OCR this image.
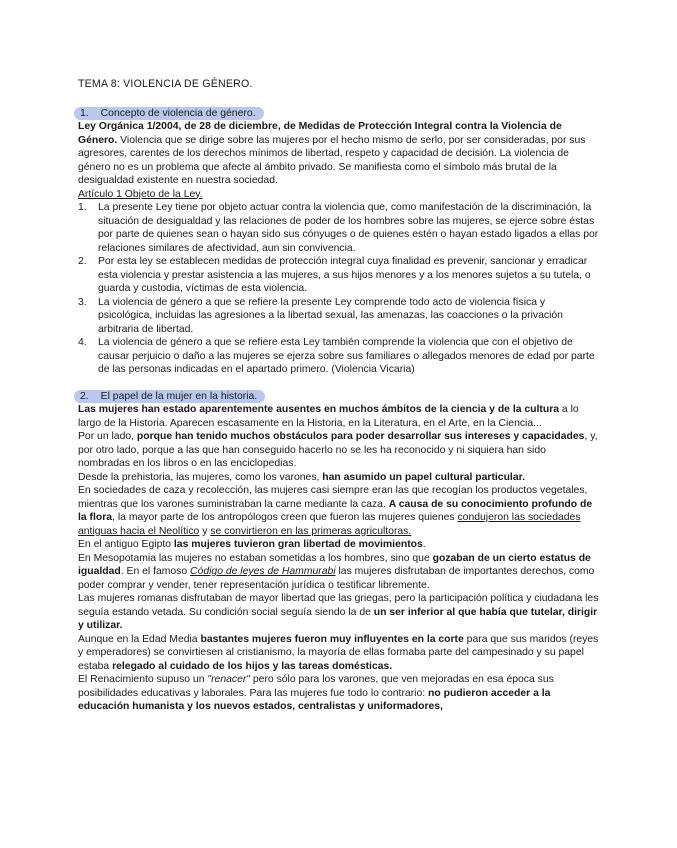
TEMA 8: VIOLENCIA DE GÉNERO.

1. Concepto de violencia de género.

Ley Orgánica 1/2004, de 28 de diciembre, de Medidas de Protección Integral contra la Violencia de Género. Violencia que se dirige sobre las mujeres por el hecho mismo de serlo, por ser consideradas, por sus agresores, carentes de los derechos mínimos de libertad, respeto y capacidad de decisión. La violencia de género no es un problema que afecte al ámbito privado. Se manifiesta como el símbolo más brutal de la desigualdad existente en nuestra sociedad.

Artículo 1 Objeto de la Ley.

1. La presente Ley tiene por objeto actuar contra la violencia que, como manifestación de la discriminación, la situación de desigualdad y las relaciones de poder de los hombres sobre las mujeres, se ejerce sobre éstas por parte de quienes sean o hayan sido sus cónyuges o de quienes estén o hayan estado ligados a ellas por relaciones similares de afectividad, aun sin convivencia.
2. Por esta ley se establecen medidas de protección integral cuya finalidad es prevenir, sancionar y erradicar esta violencia y prestar asistencia a las mujeres, a sus hijos menores y a los menores sujetos a su tutela, o guarda y custodia, víctimas de esta violencia.
3. La violencia de género a que se refiere la presente Ley comprende todo acto de violencia física y psicológica, incluidas las agresiones a la libertad sexual, las amenazas, las coacciones o la privación arbitraria de libertad.
4. La violencia de género a que se refiere esta Ley también comprende la violencia que con el objetivo de causar perjuicio o daño a las mujeres se ejerza sobre sus familiares o allegados menores de edad por parte de las personas indicadas en el apartado primero. (Violencia Vicaria)
2. El papel de la mujer en la historia.

Las mujeres han estado aparentemente ausentes en muchos ámbitos de la ciencia y de la cultura a lo largo de la Historia. Aparecen escasamente en la Historia, en la Literatura, en el Arte, en la Ciencia...

Por un lado, porque han tenido muchos obstáculos para poder desarrollar sus intereses y capacidades, y, por otro lado, porque a las que han conseguido hacerlo no se les ha reconocido y ni siquiera han sido nombradas en los libros o en las enciclopedias.

Desde la prehistoria, las mujeres, como los varones, han asumido un papel cultural particular.

En sociedades de caza y recolección, las mujeres casi siempre eran las que recogían los productos vegetales, mientras que los varones suministraban la carne mediante la caza. A causa de su conocimiento profundo de la flora, la mayor parte de los antropólogos creen que fueron las mujeres quienes condujeron las sociedades antiguas hacia el Neolítico y se convirtieron en las primeras agricultoras.

En el antiguo Egipto las mujeres tuvieron gran libertad de movimientos.

En Mesopotamia las mujeres no estaban sometidas a los hombres, sino que gozaban de un cierto estatus de igualdad. En el famoso Código de leyes de Hammurabi las mujeres disfrutaban de importantes derechos, como poder comprar y vender, tener representación jurídica o testificar libremente.

Las mujeres romanas disfrutaban de mayor libertad que las griegas, pero la participación política y ciudadana les seguía estando vetada. Su condición social seguía siendo la de un ser inferior al que había que tutelar, dirigir y utilizar.

Aunque en la Edad Media bastantes mujeres fueron muy influyentes en la corte para que sus maridos (reyes y emperadores) se convirtiesen al cristianismo, la mayoría de ellas formaba parte del campesinado y su papel estaba relegado al cuidado de los hijos y las tareas domésticas.

El Renacimiento supuso un "renacer" pero sólo para los varones, que ven mejoradas en esa época sus posibilidades educativas y laborales. Para las mujeres fue todo lo contrario: no pudieron acceder a la educación humanista y los nuevos estados, centralistas y uniformadores,
